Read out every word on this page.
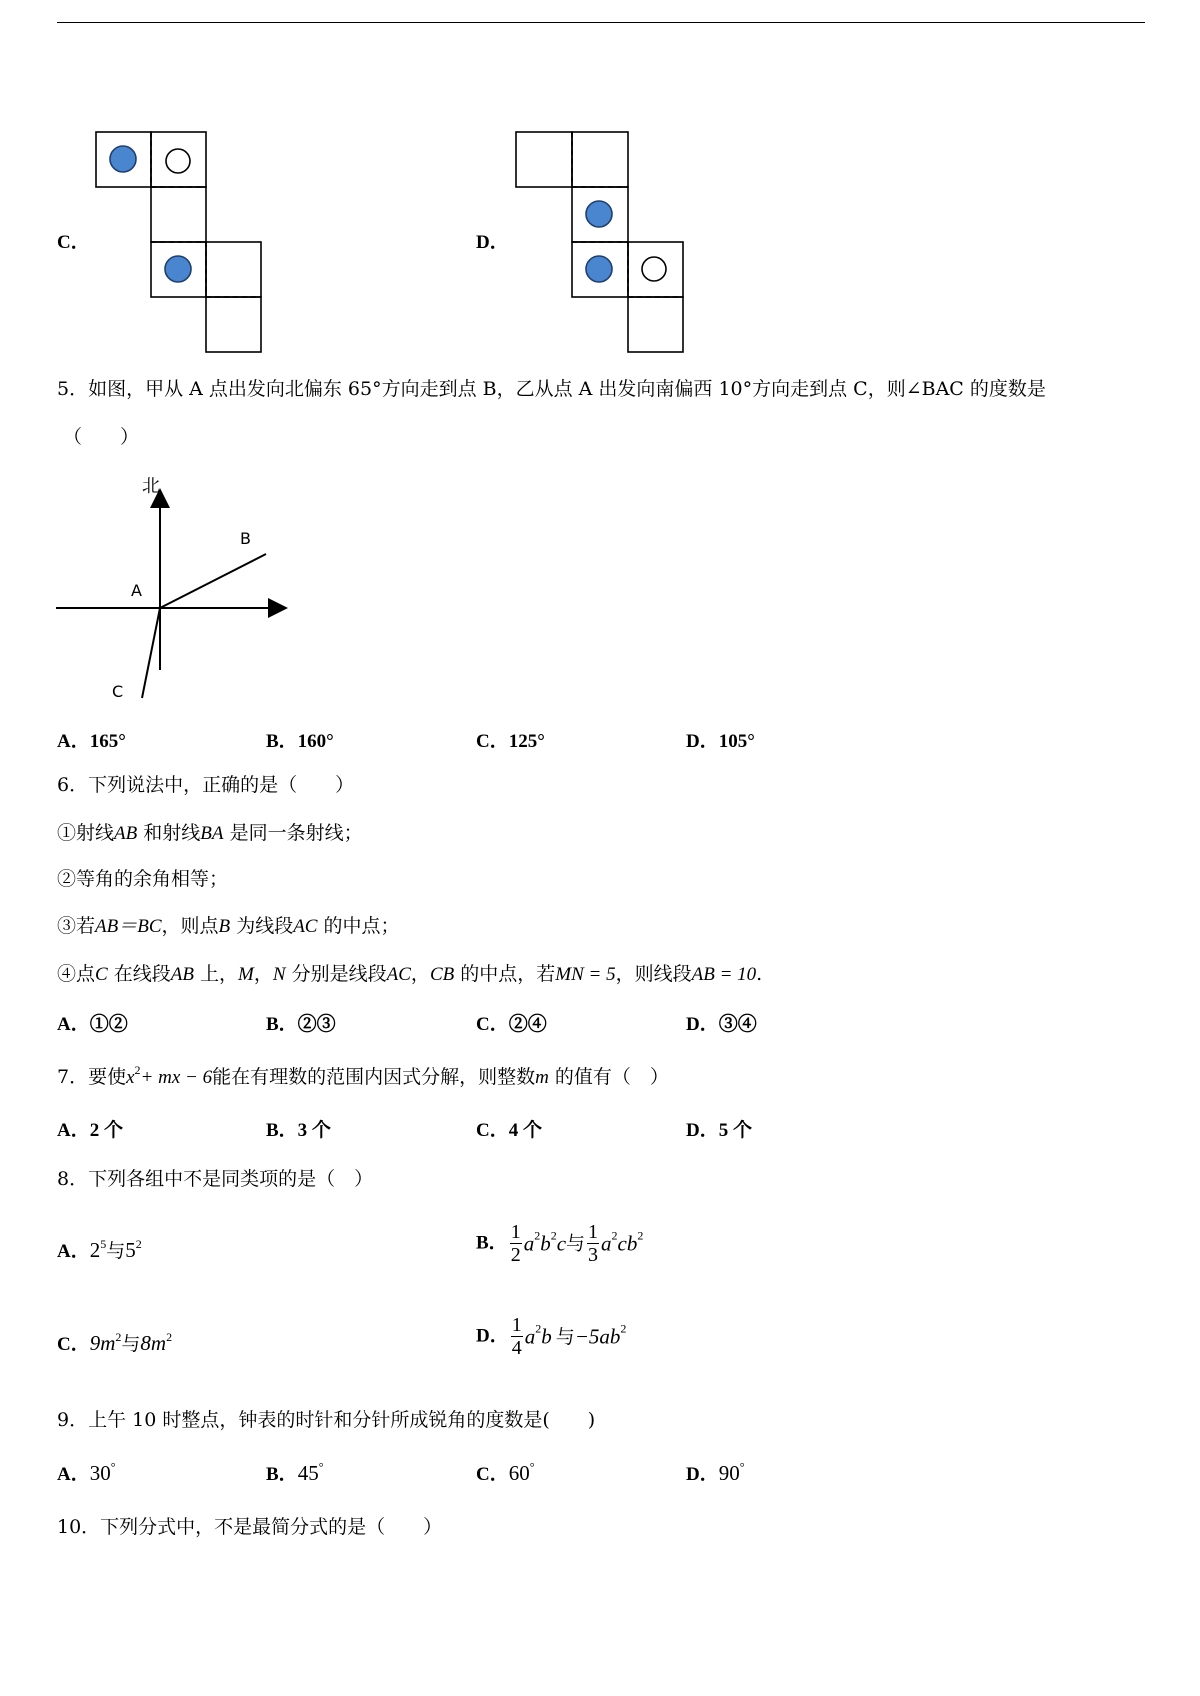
C．	D．
5．如图，甲从 A 点出发向北偏东 65°方向走到点 B，乙从点 A 出发向南偏西 10°方向走到点 C，则∠BAC 的度数是
（　　）
北
B
A
C
A．165°	B．160°	C．125°	D．105°
6．下列说法中，正确的是（　　）
①射线AB 和射线BA 是同一条射线；
②等角的余角相等；
③若AB＝BC，则点B 为线段AC 的中点；
④点C 在线段AB 上，M，N 分别是线段AC，CB 的中点，若MN = 5，则线段AB = 10.
A．①②	B．②③	C．②④	D．③④
7．要使$x^2+$ mx − 6能在有理数的范围内因式分解，则整数m 的值有（　）
A．2 个	B．3 个	C．4 个	D．5 个
8．下列各组中不是同类项的是（　）
A．$2^5$与$5^2$	B． $\frac{1}{2} a^2b^2c$与 $\frac{1}{3} a^2cb^2$
C．$9m^2$与$8m^2$	D． $\frac{1}{4} a^2b$ 与$-5ab^2$
9．上午 10 时整点，钟表的时针和分针所成锐角的度数是(　　)
A．30°	B．45°	C．60°	D．90°
10．下列分式中，不是最简分式的是（　　）
